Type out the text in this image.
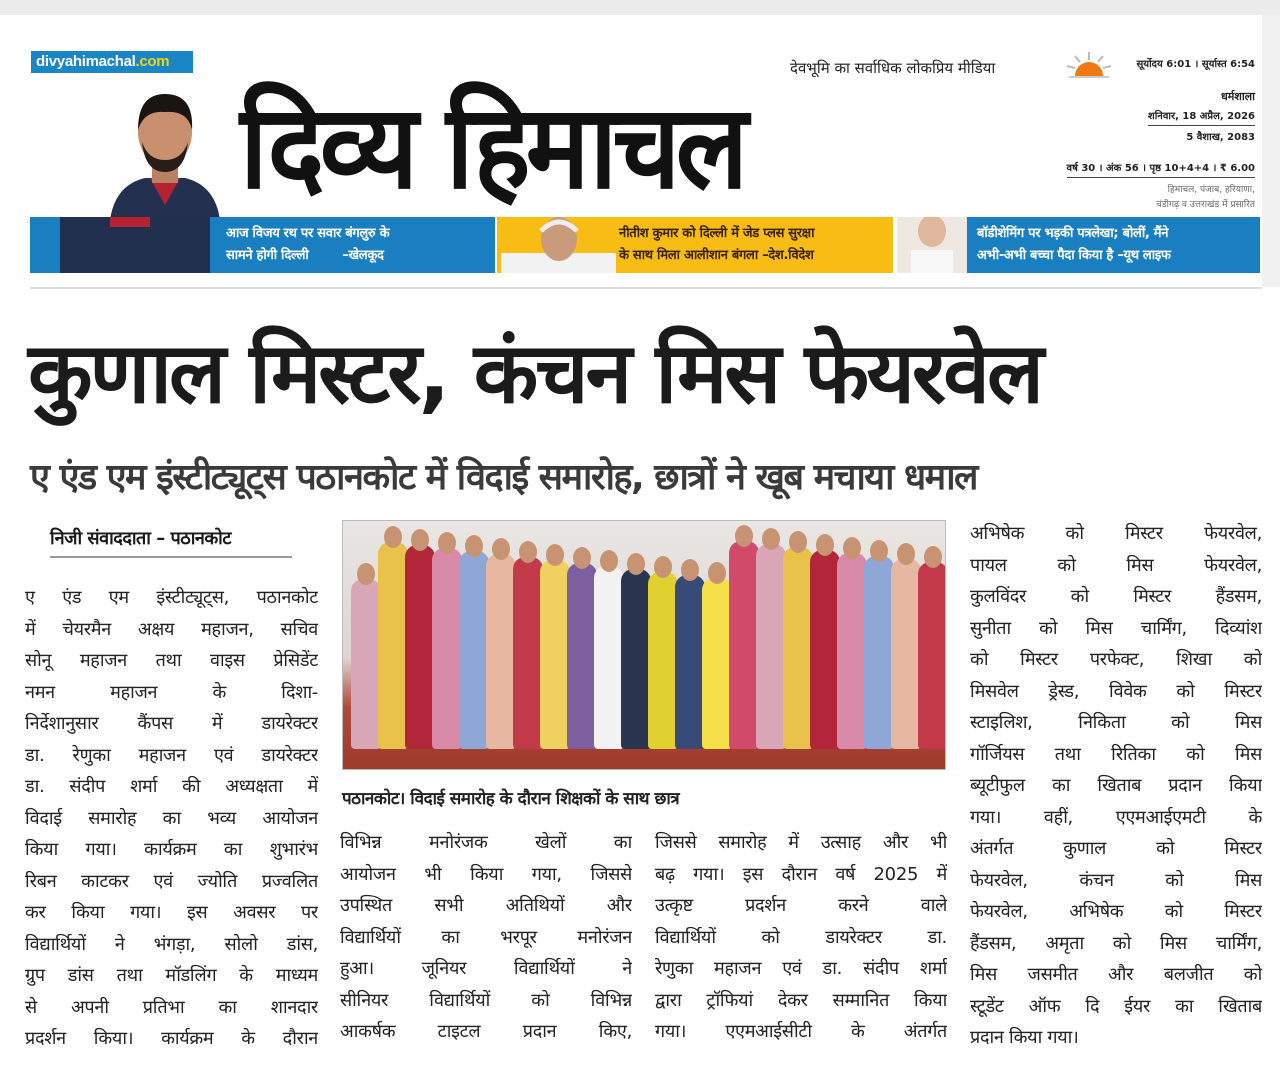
divyahimachal.com
दिव्य हिमाचल
देवभूमि का सर्वाधिक लोकप्रिय मीडिया	सूर्योदय 6:01 । सूर्यास्त 6:54
धर्मशाला
शनिवार, 18 अप्रैल, 2026
5 वैशाख, 2083
वर्ष 30 । अंक 56 । पृष्ठ 10+4+4 । ₹ 6.00
हिमाचल, पंजाब, हरियाणा,
चंडीगढ़ व उत्तराखंड में प्रसारित
आज विजय रथ पर सवार बंगलुरु के
सामने होगी दिल्ली        –खेलकूद
नीतीश कुमार को दिल्ली में जेड प्लस सुरक्षा
के साथ मिला आलीशान बंगला –देश.विदेश
बॉडीशेमिंग पर भड़की पत्रलेखा; बोलीं, मैंने
अभी-अभी बच्चा पैदा किया है –यूथ लाइफ
कुणाल मिस्टर, कंचन मिस फेयरवेल
ए एंड एम इंस्टीट्यूट्स पठानकोट में विदाई समारोह, छात्रों ने खूब मचाया धमाल
निजी संवाददाता – पठानकोट
ए एंड एम इंस्टीट्यूट्स, पठानकोट
में चेयरमैन अक्षय महाजन, सचिव
सोनू महाजन तथा वाइस प्रेसिडेंट
नमन महाजन के दिशा-
निर्देशानुसार कैंपस में डायरेक्टर
डा. रेणुका महाजन एवं डायरेक्टर
डा. संदीप शर्मा की अध्यक्षता में
विदाई समारोह का भव्य आयोजन
किया गया। कार्यक्रम का शुभारंभ
रिबन काटकर एवं ज्योति प्रज्वलित
कर किया गया। इस अवसर पर
विद्यार्थियों ने भंगड़ा, सोलो डांस,
ग्रुप डांस तथा मॉडलिंग के माध्यम
से अपनी प्रतिभा का शानदार
प्रदर्शन किया। कार्यक्रम के दौरान
विभिन्न मनोरंजक खेलों का
आयोजन भी किया गया, जिससे
उपस्थित सभी अतिथियों और
विद्यार्थियों का भरपूर मनोरंजन
हुआ। जूनियर विद्यार्थियों ने
सीनियर विद्यार्थियों को विभिन्न
आकर्षक टाइटल प्रदान किए,
जिससे समारोह में उत्साह और भी
बढ़ गया। इस दौरान वर्ष 2025 में
उत्कृष्ट प्रदर्शन करने वाले
विद्यार्थियों को डायरेक्टर डा.
रेणुका महाजन एवं डा. संदीप शर्मा
द्वारा ट्रॉफियां देकर सम्मानित किया
गया। एएमआईसीटी के अंतर्गत
अभिषेक को मिस्टर फेयरवेल,
पायल को मिस फेयरवेल,
कुलविंदर को मिस्टर हैंडसम,
सुनीता को मिस चार्मिंग, दिव्यांश
को मिस्टर परफेक्ट, शिखा को
मिसवेल ड्रेस्ड, विवेक को मिस्टर
स्टाइलिश, निकिता को मिस
गॉर्जियस तथा रितिका को मिस
ब्यूटीफुल का खिताब प्रदान किया
गया। वहीं, एएमआईएमटी के
अंतर्गत कुणाल को मिस्टर
फेयरवेल, कंचन को मिस
फेयरवेल, अभिषेक को मिस्टर
हैंडसम, अमृता को मिस चार्मिंग,
मिस जसमीत और बलजीत को
स्टूडेंट ऑफ दि ईयर का खिताब
प्रदान किया गया।
पठानकोट। विदाई समारोह के दौरान शिक्षकों के साथ छात्र
